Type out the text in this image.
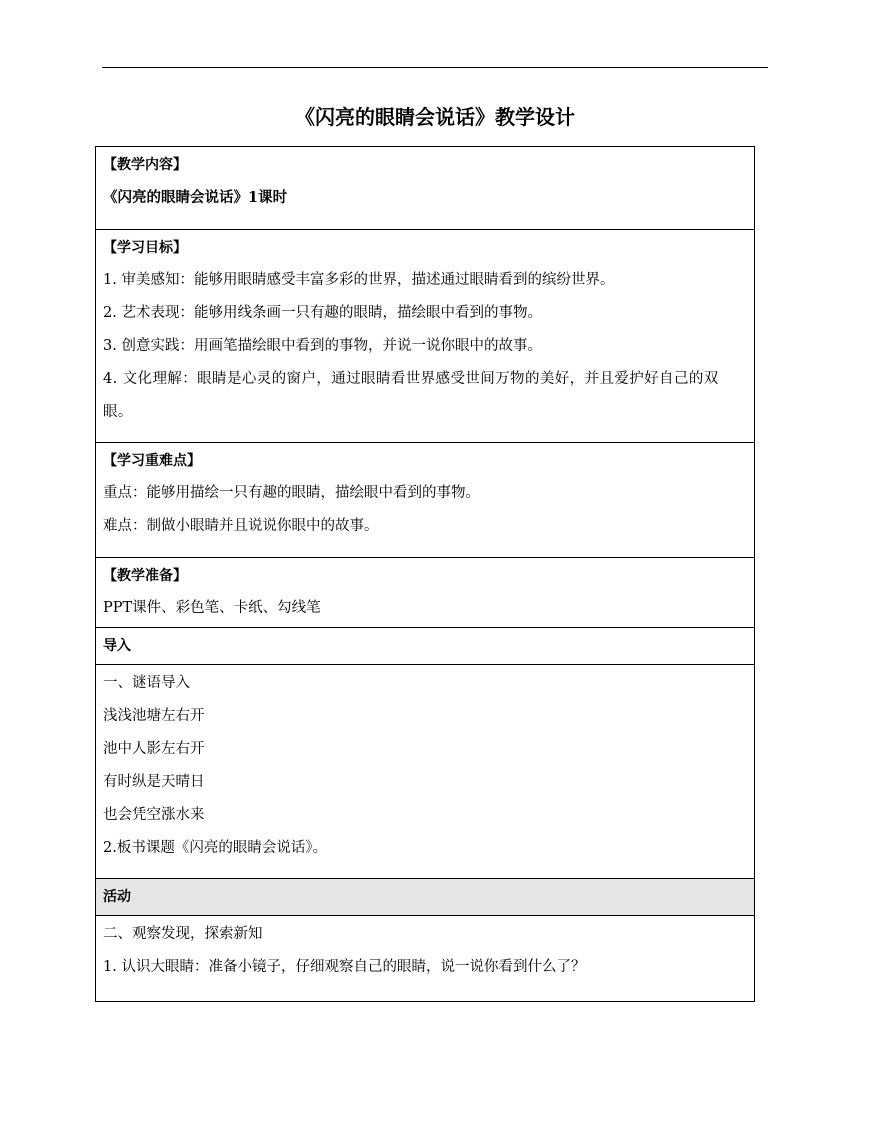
《闪亮的眼睛会说话》教学设计
【教学内容】
《闪亮的眼睛会说话》1课时
【学习目标】
1. 审美感知：能够用眼睛感受丰富多彩的世界，描述通过眼睛看到的缤纷世界。
2. 艺术表现：能够用线条画一只有趣的眼睛，描绘眼中看到的事物。
3. 创意实践：用画笔描绘眼中看到的事物，并说一说你眼中的故事。
4. 文化理解：眼睛是心灵的窗户，通过眼睛看世界感受世间万物的美好，并且爱护好自己的双眼。
【学习重难点】
重点：能够用描绘一只有趣的眼睛，描绘眼中看到的事物。
难点：制做小眼睛并且说说你眼中的故事。
【教学准备】
PPT课件、彩色笔、卡纸、勾线笔
导入
一、谜语导入
浅浅池塘左右开
池中人影左右开
有时纵是天晴日
也会凭空涨水来
2.板书课题《闪亮的眼睛会说话》。
活动
二、观察发现，探索新知
1. 认识大眼睛：准备小镜子，仔细观察自己的眼睛，说一说你看到什么了？
